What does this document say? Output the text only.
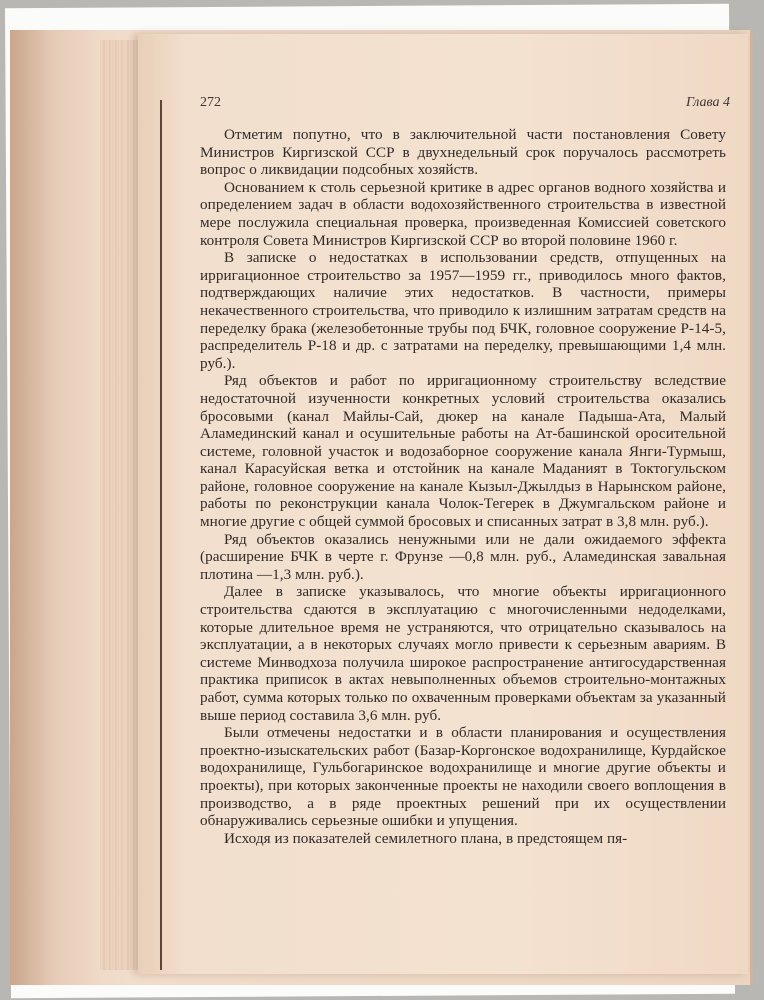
272	Глава 4

Отметим попутно, что в заключительной части постановления Совету Министров Киргизской ССР в двухнедельный срок поручалось рассмотреть вопрос о ликвидации подсобных хозяйств.

Основанием к столь серьезной критике в адрес органов водного хозяйства и определением задач в области водохозяйственного строительства в известной мере послужила специальная проверка, произведенная Комиссией советского контроля Совета Министров Киргизской ССР во второй половине 1960 г.

В записке о недостатках в использовании средств, отпущенных на ирригационное строительство за 1957—1959 гг., приводилось много фактов, подтверждающих наличие этих недостатков. В частности, примеры некачественного строительства, что приводило к излишним затратам средств на переделку брака (железобетонные трубы под БЧК, головное сооружение Р-14-5, распределитель Р-18 и др. с затратами на переделку, превышающими 1,4 млн. руб.).

Ряд объектов и работ по ирригационному строительству вследствие недостаточной изученности конкретных условий строительства оказались бросовыми (канал Майлы-Сай, дюкер на канале Падыша-Ата, Малый Аламединский канал и осушительные работы на Ат-башинской оросительной системе, головной участок и водозаборное сооружение канала Янги-Турмыш, канал Карасуйская ветка и отстойник на канале Маданият в Токтогульском районе, головное сооружение на канале Кызыл-Джылдыз в Нарынском районе, работы по реконструкции канала Чолок-Тегерек в Джумгальском районе и многие другие с общей суммой бросовых и списанных затрат в 3,8 млн. руб.).

Ряд объектов оказались ненужными или не дали ожидаемого эффекта (расширение БЧК в черте г. Фрунзе —0,8 млн. руб., Аламединская завальная плотина —1,3 млн. руб.).

Далее в записке указывалось, что многие объекты ирригационного строительства сдаются в эксплуатацию с многочисленными недоделками, которые длительное время не устраняются, что отрицательно сказывалось на эксплуатации, а в некоторых случаях могло привести к серьезным авариям. В системе Минводхоза получила широкое распространение антигосударственная практика приписок в актах невыполненных объемов строительно-монтажных работ, сумма которых только по охваченным проверками объектам за указанный выше период составила 3,6 млн. руб.

Были отмечены недостатки и в области планирования и осуществления проектно-изыскательских работ (Базар-Коргонское водохранилище, Курдайское водохранилище, Гульбогаринское водохранилище и многие другие объекты и проекты), при которых законченные проекты не находили своего воплощения в производство, а в ряде проектных решений при их осуществлении обнаруживались серьезные ошибки и упущения.

Исходя из показателей семилетного плана, в предстоящем пя-
